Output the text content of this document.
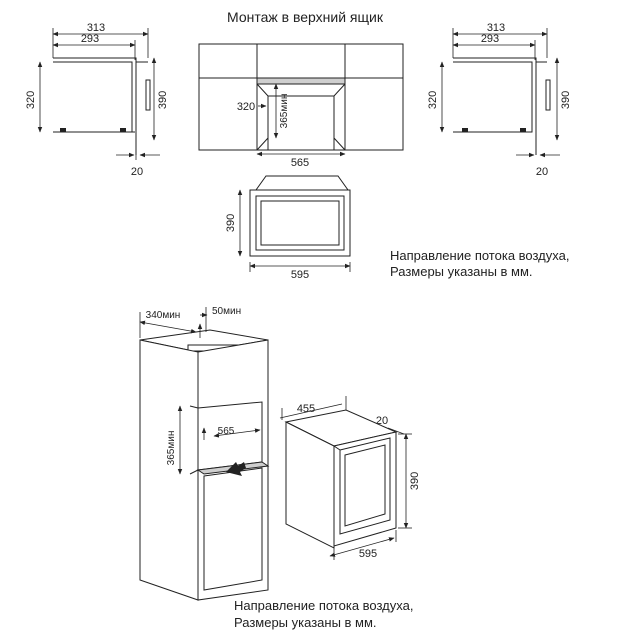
Монтаж в верхний ящик
313
293
320	390
20
365мин
320
565
313
293
320	390
20
390
595
Направление потока воздуха,
Размеры указаны в мм.
340мин	50мин
565
365мин
455
20
390
595
Направление потока воздуха,
Размеры указаны в мм.
